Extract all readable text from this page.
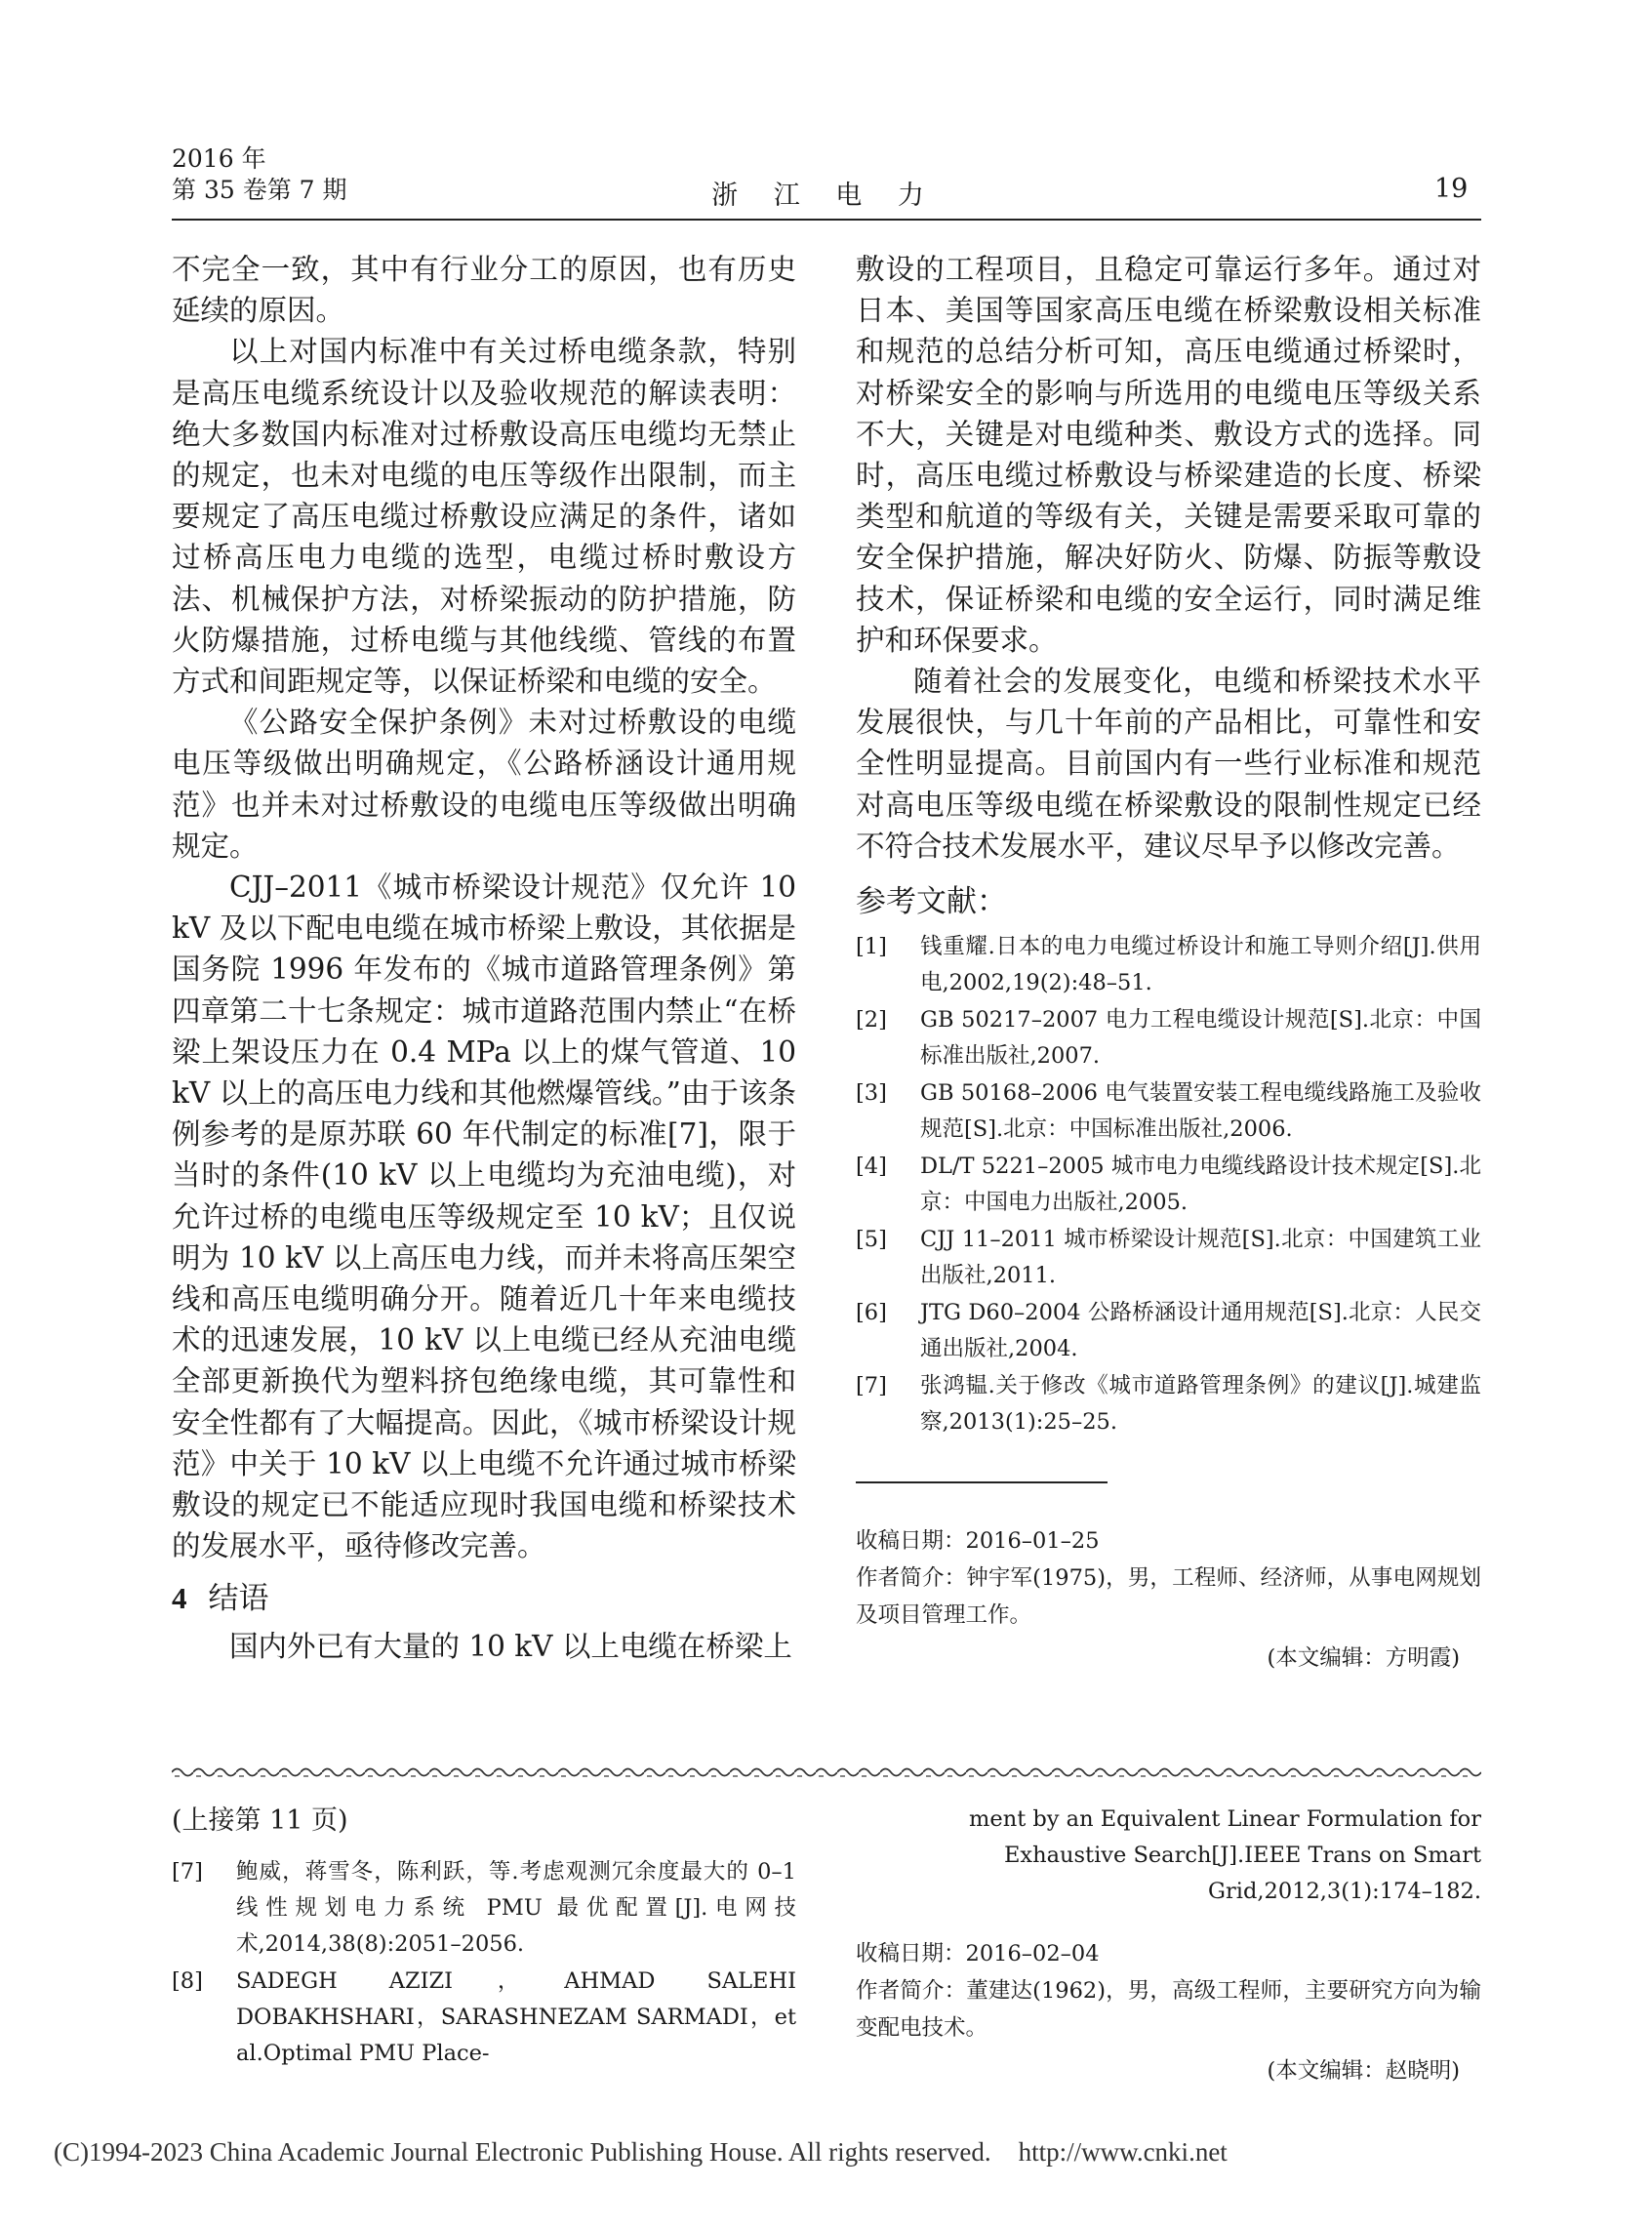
2016 年
第 35 卷第 7 期	浙 江 电 力	19

不完全一致，其中有行业分工的原因，也有历史延续的原因。

以上对国内标准中有关过桥电缆条款，特别是高压电缆系统设计以及验收规范的解读表明：绝大多数国内标准对过桥敷设高压电缆均无禁止的规定，也未对电缆的电压等级作出限制，而主要规定了高压电缆过桥敷设应满足的条件，诸如过桥高压电力电缆的选型，电缆过桥时敷设方法、机械保护方法，对桥梁振动的防护措施，防火防爆措施，过桥电缆与其他线缆、管线的布置方式和间距规定等，以保证桥梁和电缆的安全。

《公路安全保护条例》未对过桥敷设的电缆电压等级做出明确规定，《公路桥涵设计通用规范》也并未对过桥敷设的电缆电压等级做出明确规定。

CJJ–2011《城市桥梁设计规范》仅允许 10 kV 及以下配电电缆在城市桥梁上敷设，其依据是国务院 1996 年发布的《城市道路管理条例》第四章第二十七条规定：城市道路范围内禁止“在桥梁上架设压力在 0.4 MPa 以上的煤气管道、10 kV 以上的高压电力线和其他燃爆管线。”由于该条例参考的是原苏联 60 年代制定的标准[7]，限于当时的条件(10 kV 以上电缆均为充油电缆)，对允许过桥的电缆电压等级规定至 10 kV；且仅说明为 10 kV 以上高压电力线，而并未将高压架空线和高压电缆明确分开。随着近几十年来电缆技术的迅速发展，10 kV 以上电缆已经从充油电缆全部更新换代为塑料挤包绝缘电缆，其可靠性和安全性都有了大幅提高。因此，《城市桥梁设计规范》中关于 10 kV 以上电缆不允许通过城市桥梁敷设的规定已不能适应现时我国电缆和桥梁技术的发展水平，亟待修改完善。

4 结语

国内外已有大量的 10 kV 以上电缆在桥梁上

敷设的工程项目，且稳定可靠运行多年。通过对日本、美国等国家高压电缆在桥梁敷设相关标准和规范的总结分析可知，高压电缆通过桥梁时，对桥梁安全的影响与所选用的电缆电压等级关系不大，关键是对电缆种类、敷设方式的选择。同时，高压电缆过桥敷设与桥梁建造的长度、桥梁类型和航道的等级有关，关键是需要采取可靠的安全保护措施，解决好防火、防爆、防振等敷设技术，保证桥梁和电缆的安全运行，同时满足维护和环保要求。

随着社会的发展变化，电缆和桥梁技术水平发展很快，与几十年前的产品相比，可靠性和安全性明显提高。目前国内有一些行业标准和规范对高电压等级电缆在桥梁敷设的限制性规定已经不符合技术发展水平，建议尽早予以修改完善。

参考文献：
[1]	钱重耀.日本的电力电缆过桥设计和施工导则介绍[J].供用电,2002,19(2):48–51.
[2]	GB 50217–2007 电力工程电缆设计规范[S].北京：中国标准出版社,2007.
[3]	GB 50168–2006 电气装置安装工程电缆线路施工及验收规范[S].北京：中国标准出版社,2006.
[4]	DL/T 5221–2005 城市电力电缆线路设计技术规定[S].北京：中国电力出版社,2005.
[5]	CJJ 11–2011 城市桥梁设计规范[S].北京：中国建筑工业出版社,2011.
[6]	JTG D60–2004 公路桥涵设计通用规范[S].北京：人民交通出版社,2004.
[7]	张鸿韫.关于修改《城市道路管理条例》的建议[J].城建监察,2013(1):25–25.
收稿日期：2016–01–25
作者简介：钟宇军(1975)，男，工程师、经济师，从事电网规划及项目管理工作。
(本文编辑：方明霞)
(上接第 11 页)
[7]	鲍威，蒋雪冬，陈利跃，等.考虑观测冗余度最大的 0–1 线性规划电力系统 PMU 最优配置[J].电网技术,2014,38(8):2051–2056.
[8]	SADEGH AZIZI，AHMAD SALEHI DOBAKHSHARI，SARASHNEZAM SARMADI，et al.Optimal PMU Place-
ment by an Equivalent Linear Formulation for Exhaustive Search[J].IEEE Trans on Smart Grid,2012,3(1):174–182.
收稿日期：2016–02–04
作者简介：董建达(1962)，男，高级工程师，主要研究方向为输变配电技术。
(本文编辑：赵晓明)
(C)1994-2023 China Academic Journal Electronic Publishing House. All rights reserved. http://www.cnki.net
